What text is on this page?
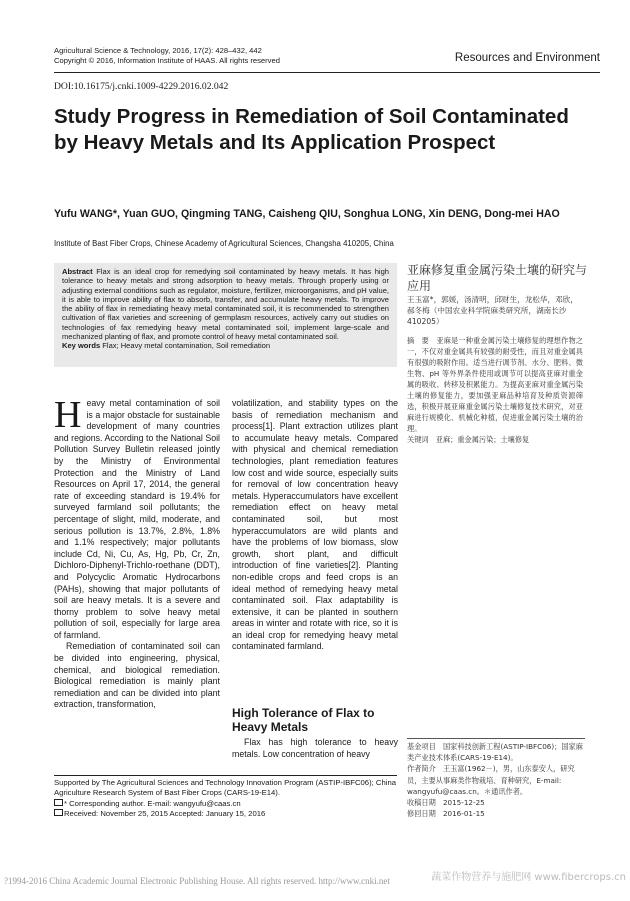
Agricultural Science & Technology, 2016, 17(2): 428–432, 442
Copyright © 2016, Information Institute of HAAS. All rights reserved	Resources and Environment
DOI:10.16175/j.cnki.1009-4229.2016.02.042
Study Progress in Remediation of Soil Contaminated by Heavy Metals and Its Application Prospect
Yufu WANG*, Yuan GUO, Qingming TANG, Caisheng QIU, Songhua LONG, Xin DENG, Dong-mei HAO
Institute of Bast Fiber Crops, Chinese Academy of Agricultural Sciences, Changsha 410205, China
Abstract Flax is an ideal crop for remedying soil contaminated by heavy metals. It has high tolerance to heavy metals and strong adsorption to heavy metals. Through properly using or adjusting external conditions such as regulator, moisture, fertilizer, microorganisms, and pH value, it is able to improve ability of flax to absorb, transfer, and accumulate heavy metals. To improve the ability of flax in remediating heavy metal contaminated soil, it is recommended to strengthen cultivation of flax varieties and screening of germplasm resources, actively carry out studies on technologies of fax remedying heavy metal contaminated soil, implement large-scale and mechanized planting of flax, and promote control of heavy metal contaminated soil.
Key words Flax; Heavy metal contamination, Soil remediation
亚麻修复重金属污染土壤的研究与应用
王玉富*，郭媛，汤清明，邱财生，龙松华，邓欣，郝冬梅（中国农业科学院麻类研究所，湖南长沙 410205）
摘　要　亚麻是一种重金属污染土壤修复的理想作物之一，不仅对重金属具有较强的耐受性，而且对重金属具有很强的吸附作用。适当进行调节剂、水分、肥料、微生物、pH 等外界条件使用或调节可以提高亚麻对重金属的吸收、转移及积累能力。为提高亚麻对重金属污染土壤的修复能力，要加强亚麻品种培育及种质资源筛选，积极开展亚麻重金属污染土壤修复技术研究，对亚麻进行规模化、机械化种植，促进重金属污染土壤的治理。
关键词　亚麻；重金属污染；土壤修复
H eavy metal contamination of soil is a major obstacle for sustainable development of many countries and regions. According to the National Soil Pollution Survey Bulletin released jointly by the Ministry of Environmental Protection and the Ministry of Land Resources on April 17, 2014, the general rate of exceeding standard is 19.4% for surveyed farmland soil pollutants; the percentage of slight, mild, moderate, and serious pollution is 13.7%, 2.8%, 1.8% and 1.1% respectively; major pollutants include Cd, Ni, Cu, As, Hg, Pb, Cr, Zn, Dichloro-Diphenyl-Trichlo-roethane (DDT), and Polycyclic Aromatic Hydrocarbons (PAHs), showing that major pollutants of soil are heavy metals. It is a severe and thorny problem to solve heavy metal pollution of soil, especially for large area of farmland.
Remediation of contaminated soil can be divided into engineering, physical, chemical, and biological remediation. Biological remediation is mainly plant remediation and can be divided into plant extraction, transformation,
volatilization, and stability types on the basis of remediation mechanism and process[1]. Plant extraction utilizes plant to accumulate heavy metals. Compared with physical and chemical remediation technologies, plant remediation features low cost and wide source, especially suits for removal of low concentration heavy metals. Hyperaccumulators have excellent remediation effect on heavy metal contaminated soil, but most hyperaccumulators are wild plants and have the problems of low biomass, slow growth, short plant, and difficult introduction of fine varieties[2]. Planting non-edible crops and feed crops is an ideal method of remedying heavy metal contaminated soil. Flax adaptability is extensive, it can be planted in southern areas in winter and rotate with rice, so it is an ideal crop for remedying heavy metal contaminated farmland.
High Tolerance of Flax to Heavy Metals
Flax has high tolerance to heavy metals. Low concentration of heavy
Supported by The Agricultural Sciences and Technology Innovation Program (ASTIP-IBFC06); China Agriculture Research System of Bast Fiber Crops (CARS-19-E14).
* Corresponding author. E-mail: wangyufu@caas.cn
Received: November 25, 2015 Accepted: January 15, 2016
基金项目　国家科技创新工程(ASTIP-IBFC06)；国家麻类产业技术体系(CARS-19-E14)。
作者简介　王玉富(1962－)，男，山东泰安人，研究员，主要从事麻类作物栽培、育种研究，E-mail: wangyufu@caas.cn。＊通讯作者。
收稿日期　2015-12-25
修回日期　2016-01-15
?1994-2016 China Academic Journal Electronic Publishing House. All rights reserved. http://www.cnki.net	蔬菜作物营养与施肥网 www.fibercrops.cn
